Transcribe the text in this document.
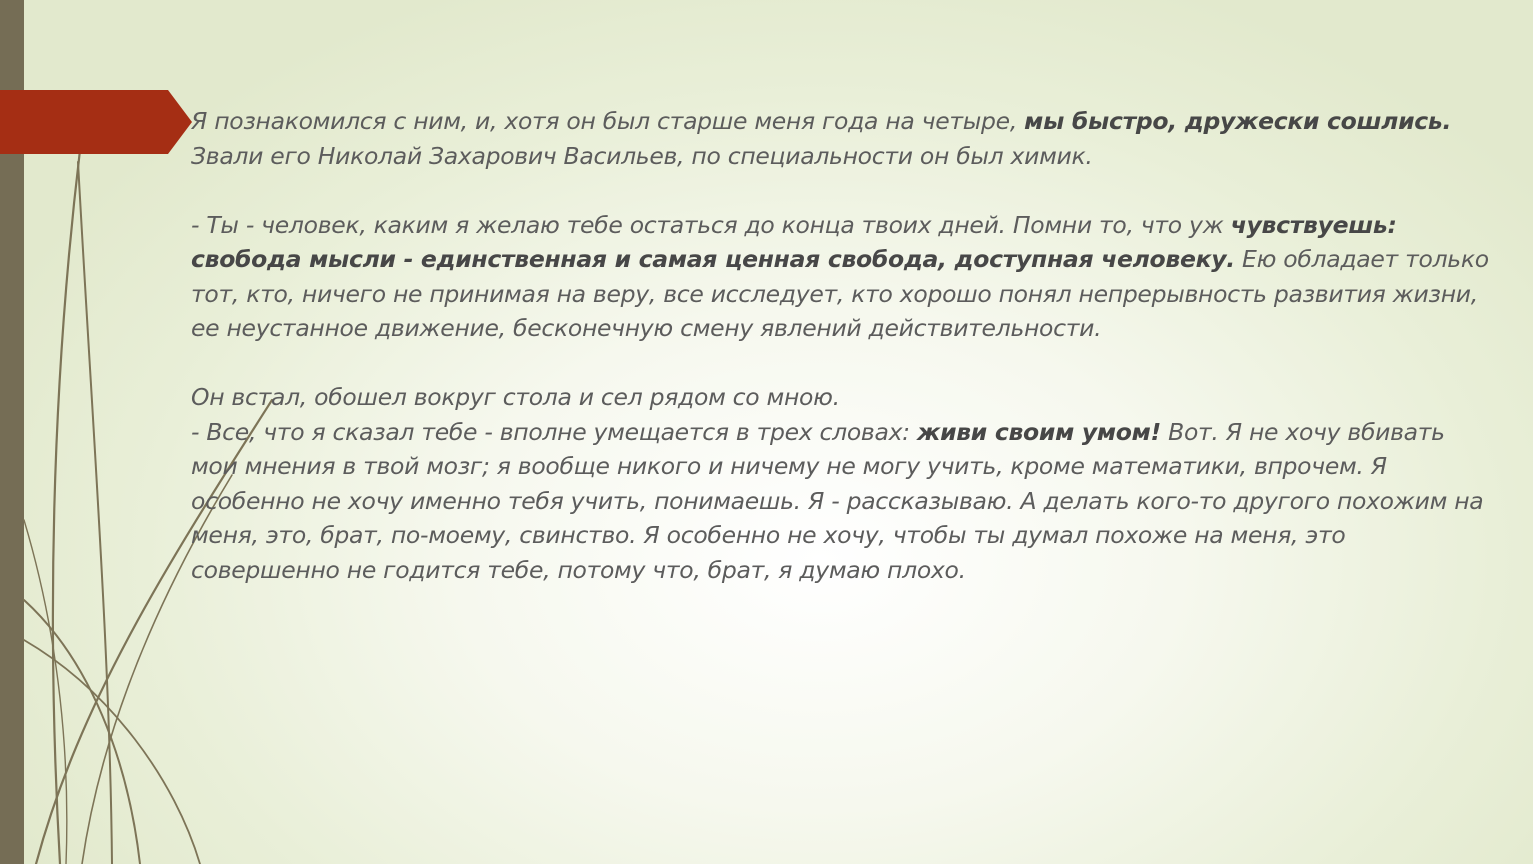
Я познакомился с ним, и, хотя он был старше меня года на четыре, мы быстро, дружески сошлись. Звали его Николай Захарович Васильев, по специальности он был химик.

- Ты - человек, каким я желаю тебе остаться до конца твоих дней. Помни то, что уж чувствуешь: свобода мысли - единственная и самая ценная свобода, доступная человеку. Ею обладает только тот, кто, ничего не принимая на веру, все исследует, кто хорошо понял непрерывность развития жизни, ее неустанное движение, бесконечную смену явлений действительности.

Он встал, обошел вокруг стола и сел рядом со мною.

- Все, что я сказал тебе - вполне умещается в трех словах: живи своим умом! Вот. Я не хочу вбивать мои мнения в твой мозг; я вообще никого и ничему не могу учить, кроме математики, впрочем. Я особенно не хочу именно тебя учить, понимаешь. Я - рассказываю. А делать кого-то другого похожим на меня, это, брат, по-моему, свинство. Я особенно не хочу, чтобы ты думал похоже на меня, это совершенно не годится тебе, потому что, брат, я думаю плохо.
